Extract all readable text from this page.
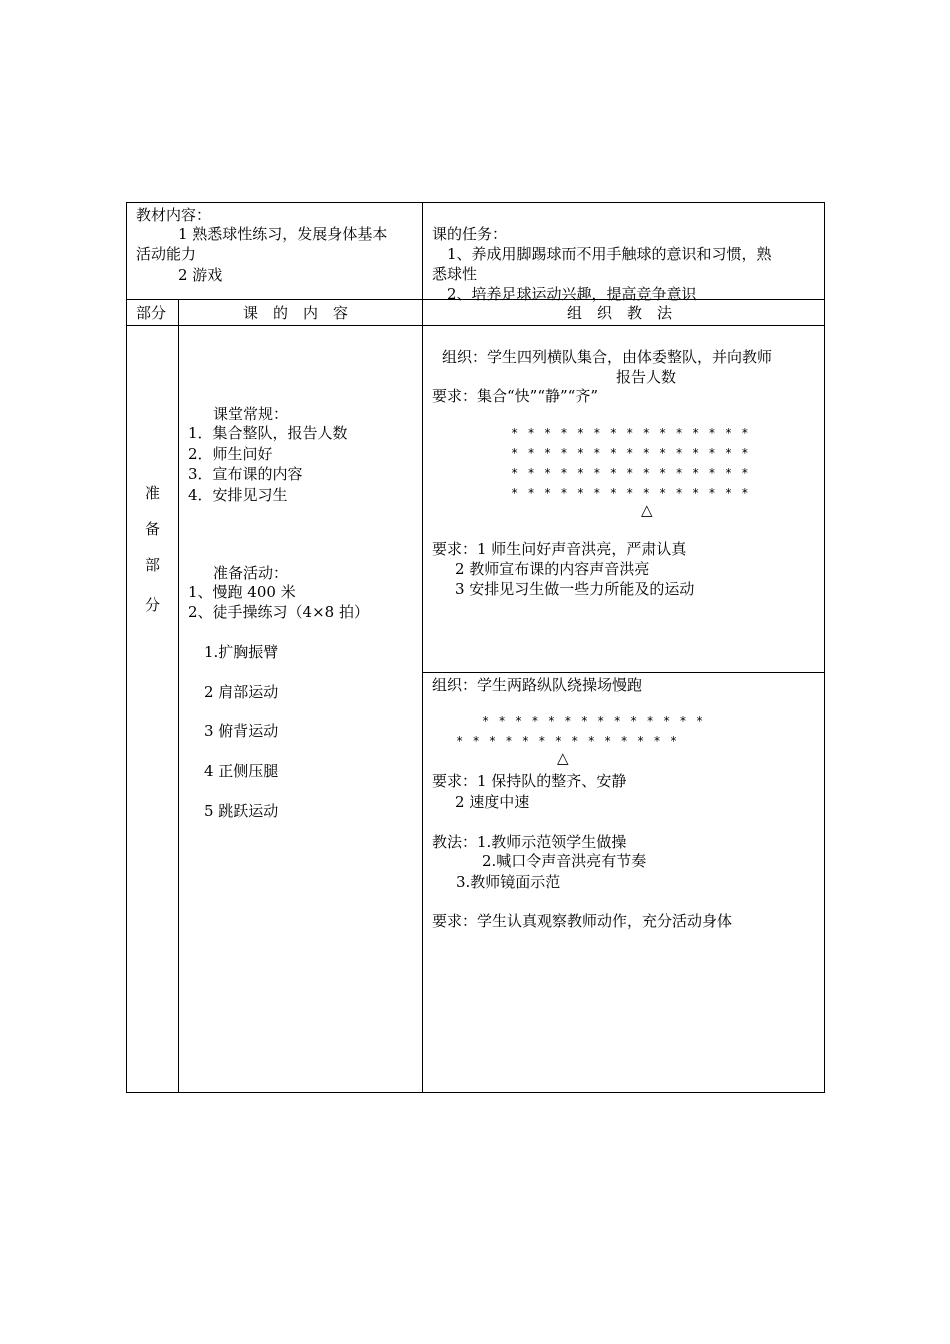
教材内容：
1 熟悉球性练习，发展身体基本
活动能力
2 游戏
课的任务：
1、养成用脚踢球而不用手触球的意识和习惯，熟
悉球性
2、培养足球运动兴趣，提高竞争意识
部分	课　的　内　容	组　织　教　法
准
备
部
分
课堂常规：
1．集合整队，报告人数
2．师生问好
3．宣布课的内容
4．安排见习生
准备活动：
1、慢跑 400 米
2、徒手操练习（4×8 拍）
1.扩胸振臂
2 肩部运动
3 俯背运动
4 正侧压腿
5 跳跃运动
组织：学生四列横队集合，由体委整队，并向教师
报告人数
要求：集合“快”“静”“齐”
* * * * * * * * * * * * * * *
* * * * * * * * * * * * * * *
* * * * * * * * * * * * * * *
* * * * * * * * * * * * * * *
△
要求：1 师生问好声音洪亮，严肃认真
2 教师宣布课的内容声音洪亮
3 安排见习生做一些力所能及的运动
组织：学生两路纵队绕操场慢跑
* * * * * * * * * * * * * *
* * * * * * * * * * * * * *
△
要求：1 保持队的整齐、安静
2 速度中速
教法：1.教师示范领学生做操
2.喊口令声音洪亮有节奏
3.教师镜面示范
要求：学生认真观察教师动作，充分活动身体
